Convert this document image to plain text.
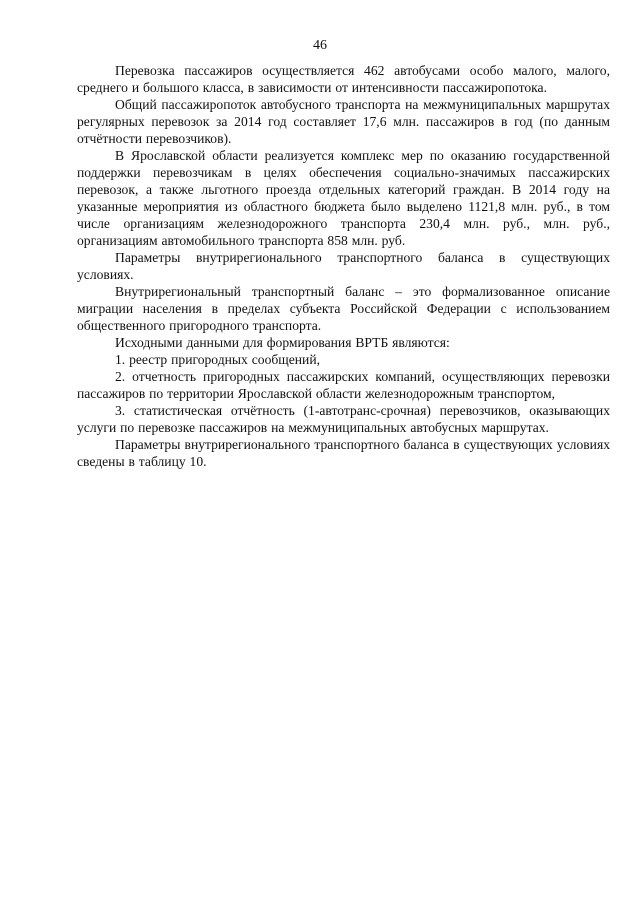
46

Перевозка пассажиров осуществляется 462 автобусами особо малого, малого, среднего и большого класса, в зависимости от интенсивности пассажиропотока.

Общий пассажиропоток автобусного транспорта на межмуниципальных маршрутах регулярных перевозок за 2014 год составляет 17,6 млн. пассажиров в год (по данным отчётности перевозчиков).

В Ярославской области реализуется комплекс мер по оказанию государственной поддержки перевозчикам в целях обеспечения социально-значимых пассажирских перевозок, а также льготного проезда отдельных категорий граждан. В 2014 году на указанные мероприятия из областного бюджета было выделено 1121,8 млн. руб., в том числе организациям железнодорожного транспорта 230,4 млн. руб., млн. руб., организациям автомобильного транспорта 858 млн. руб.

Параметры внутрирегионального транспортного баланса в существующих условиях.

Внутрирегиональный транспортный баланс – это формализованное описание миграции населения в пределах субъекта Российской Федерации с использованием общественного пригородного транспорта.

Исходными данными для формирования ВРТБ являются:

1. реестр пригородных сообщений,

2. отчетность пригородных пассажирских компаний, осуществляющих перевозки пассажиров по территории Ярославской области железнодорожным транспортом,

3. статистическая отчётность (1-автотранс-срочная) перевозчиков, оказывающих услуги по перевозке пассажиров на межмуниципальных автобусных маршрутах.

Параметры внутрирегионального транспортного баланса в существующих условиях сведены в таблицу 10.
